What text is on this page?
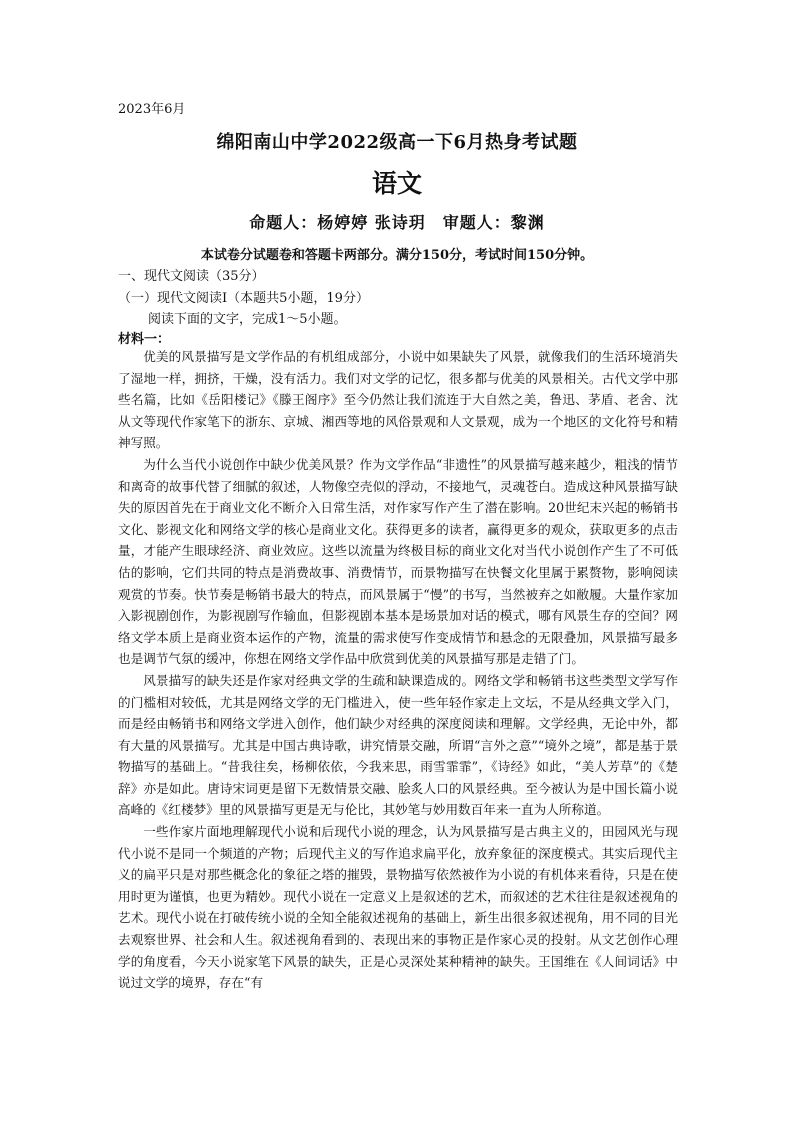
2023年6月
绵阳南山中学2022级高一下6月热身考试题
语文
命题人：杨婷婷 张诗玥　审题人：黎渊
本试卷分试题卷和答题卡两部分。满分150分，考试时间150分钟。
一、现代文阅读（35分）
（一）现代文阅读Ⅰ（本题共5小题，19分）
阅读下面的文字，完成1～5小题。
材料一：

优美的风景描写是文学作品的有机组成部分，小说中如果缺失了风景，就像我们的生活环境消失了湿地一样，拥挤，干燥，没有活力。我们对文学的记忆，很多都与优美的风景相关。古代文学中那些名篇，比如《岳阳楼记》《滕王阁序》至今仍然让我们流连于大自然之美，鲁迅、茅盾、老舍、沈从文等现代作家笔下的浙东、京城、湘西等地的风俗景观和人文景观，成为一个地区的文化符号和精神写照。

为什么当代小说创作中缺少优美风景？作为文学作品“非遗性”的风景描写越来越少，粗浅的情节和离奇的故事代替了细腻的叙述，人物像空壳似的浮动，不接地气，灵魂苍白。造成这种风景描写缺失的原因首先在于商业文化不断介入日常生活，对作家写作产生了潜在影响。20世纪末兴起的畅销书文化、影视文化和网络文学的核心是商业文化。获得更多的读者，赢得更多的观众，获取更多的点击量，才能产生眼球经济、商业效应。这些以流量为终极目标的商业文化对当代小说创作产生了不可低估的影响，它们共同的特点是消费故事、消费情节，而景物描写在快餐文化里属于累赘物，影响阅读观赏的节奏。快节奏是畅销书最大的特点，而风景属于“慢”的书写，当然被弃之如敝履。大量作家加入影视剧创作，为影视剧写作输血，但影视剧本基本是场景加对话的模式，哪有风景生存的空间？网络文学本质上是商业资本运作的产物，流量的需求使写作变成情节和悬念的无限叠加，风景描写最多也是调节气氛的缓冲，你想在网络文学作品中欣赏到优美的风景描写那是走错了门。

风景描写的缺失还是作家对经典文学的生疏和缺课造成的。网络文学和畅销书这些类型文学写作的门槛相对较低，尤其是网络文学的无门槛进入，使一些年轻作家走上文坛，不是从经典文学入门，而是经由畅销书和网络文学进入创作，他们缺少对经典的深度阅读和理解。文学经典，无论中外，都有大量的风景描写。尤其是中国古典诗歌，讲究情景交融，所谓“言外之意”“境外之境”，都是基于景物描写的基础上。“昔我往矣，杨柳依依，今我来思，雨雪霏霏”，《诗经》如此，“美人芳草”的《楚辞》亦是如此。唐诗宋词更是留下无数情景交融、脍炙人口的风景经典。至今被认为是中国长篇小说高峰的《红楼梦》里的风景描写更是无与伦比，其妙笔与妙用数百年来一直为人所称道。

一些作家片面地理解现代小说和后现代小说的理念，认为风景描写是古典主义的，田园风光与现代小说不是同一个频道的产物；后现代主义的写作追求扁平化，放弃象征的深度模式。其实后现代主义的扁平只是对那些概念化的象征之塔的摧毁，景物描写依然被作为小说的有机体来看待，只是在使用时更为谨慎，也更为精妙。现代小说在一定意义上是叙述的艺术，而叙述的艺术往往是叙述视角的艺术。现代小说在打破传统小说的全知全能叙述视角的基础上，新生出很多叙述视角，用不同的目光去观察世界、社会和人生。叙述视角看到的、表现出来的事物正是作家心灵的投射。从文艺创作心理学的角度看，今天小说家笔下风景的缺失，正是心灵深处某种精神的缺失。王国维在《人间词话》中说过文学的境界，存在“有
